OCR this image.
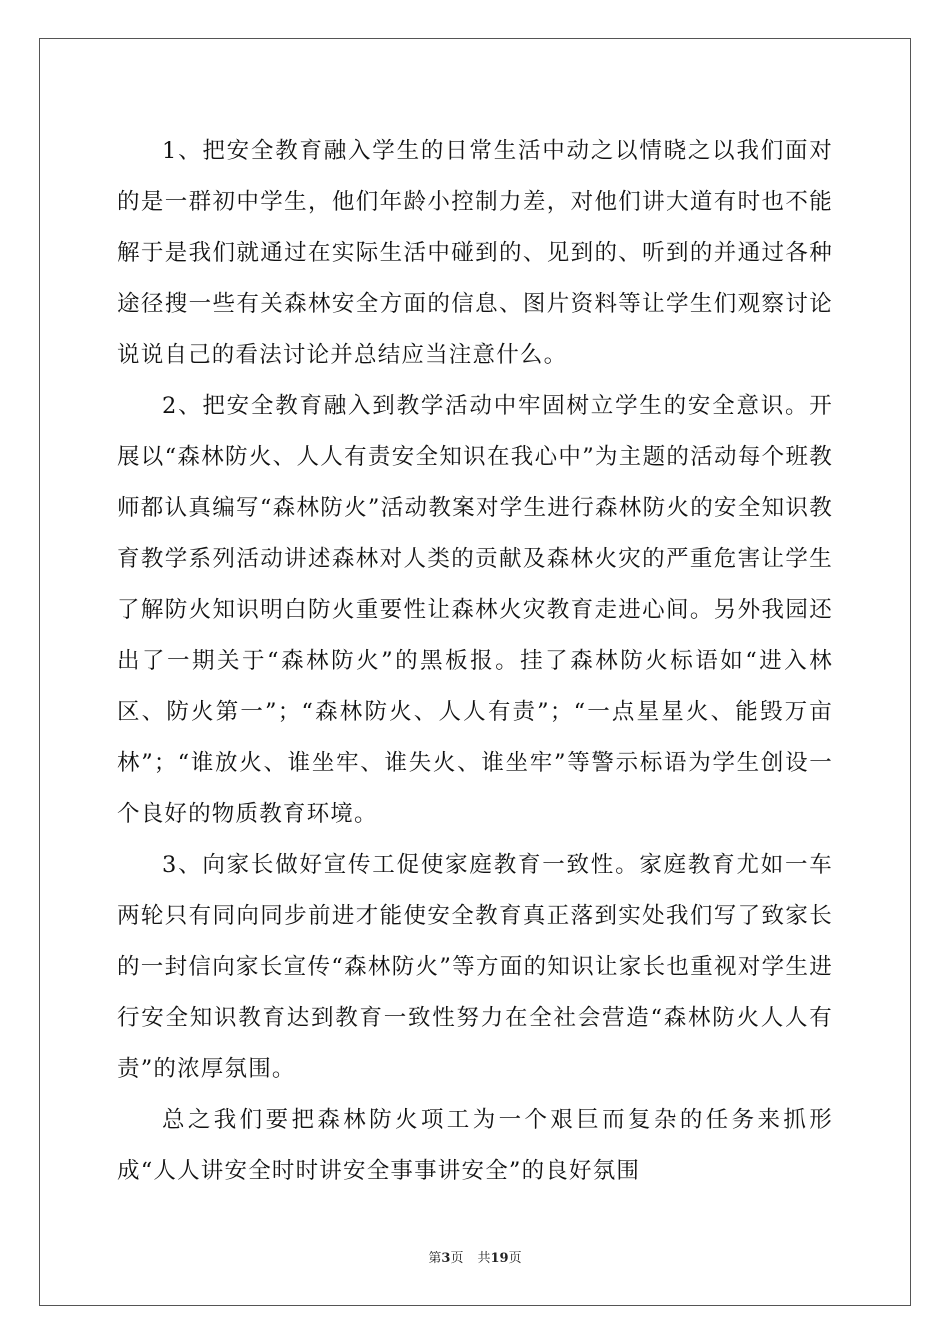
1、把安全教育融入学生的日常生活中动之以情晓之以我们面对的是一群初中学生，他们年龄小控制力差，对他们讲大道有时也不能解于是我们就通过在实际生活中碰到的、见到的、听到的并通过各种途径搜一些有关森林安全方面的信息、图片资料等让学生们观察讨论说说自己的看法讨论并总结应当注意什么。

2、把安全教育融入到教学活动中牢固树立学生的安全意识。开展以“森林防火、人人有责安全知识在我心中”为主题的活动每个班教师都认真编写“森林防火”活动教案对学生进行森林防火的安全知识教育教学系列活动讲述森林对人类的贡献及森林火灾的严重危害让学生了解防火知识明白防火重要性让森林火灾教育走进心间。另外我园还出了一期关于“森林防火”的黑板报。挂了森林防火标语如“进入林区、防火第一”；“森林防火、人人有责”；“一点星星火、能毁万亩林”；“谁放火、谁坐牢、谁失火、谁坐牢”等警示标语为学生创设一个良好的物质教育环境。

3、向家长做好宣传工促使家庭教育一致性。家庭教育尤如一车两轮只有同向同步前进才能使安全教育真正落到实处我们写了致家长的一封信向家长宣传“森林防火”等方面的知识让家长也重视对学生进行安全知识教育达到教育一致性努力在全社会营造“森林防火人人有责”的浓厚氛围。

总之我们要把森林防火项工为一个艰巨而复杂的任务来抓形成“人人讲安全时时讲安全事事讲安全”的良好氛围

第3页 共19页
